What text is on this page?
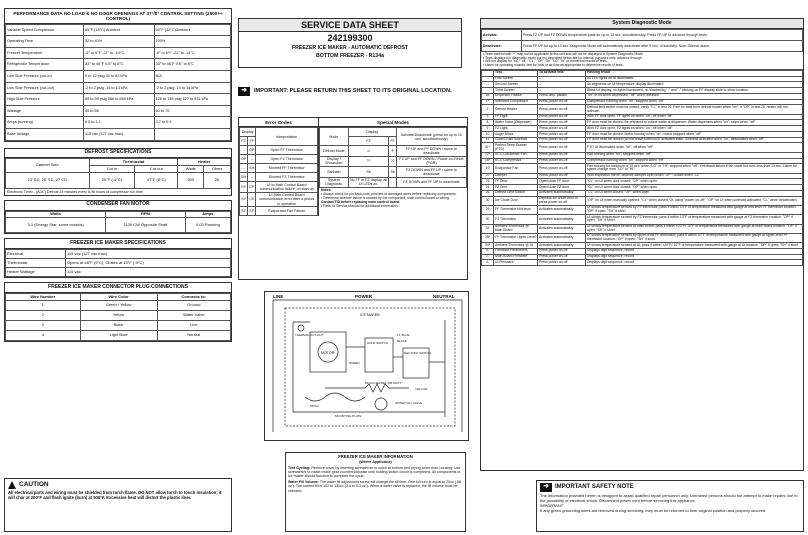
PERFORMANCE DATA NO LOAD & NO DOOR OPENINGS AT 37°/0° CONTROL SETTING (2500++ CONTROL)
Variable Speed Compressor	65°F (18°C) Ambient	90°F (32°C) Ambient
Operating Time	32 to 40%	100%
Freezer Temperature	-6° to 6°F -21° to -14°C	-6° to 6°F -21° to -14°C
Refrigerator Temperature	33° to 46°F 0.5° to 8°C	33° to 46°F 0.5° to 8°C
Low Side Pressure (cut-in)	5 to 12 psig 34 to 83 kPa	N/A
Low Side Pressure (cut-out)	-2 to 2 psig -14 to 14 kPa	-2 to 2 psig -14 to 14 kPa
High Side Pressure	85 to 95 psig 586 to 655 kPa	126 to 135 psig 827 to 931 kPa
Wattage	40 to 55	60 to 70
Amps (running)	0.5 to 1.1	0.7 to 0.9
Base Voltage	115 vac (127 vac max)	
DEFROST SPECIFICATIONS
Cabinet Size	Thermostat		Heater	
	Cut in	Cut out	Watts	Ohms
23' SD, 26' SD, 27 CD	25°F (-4°C)	47°F (8°C)	500	26
Electronic Timer - (ADC) Defrost 24 minutes every 6-96 hours of compressor run time.
CONDENSER FAN MOTOR
Watts	RPM	Amps
3.1 (Energy Star, some models)	1100 CW Opposite Shaft	0.03 Running
FREEZER ICE MAKER SPECIFICATIONS
Electrical	115 vac (127 vac max)
Thermostat	Opens at 48°F (9°C), Closes at 15°F (-9°C)
Heater Wattage	115 vac
FREEZER ICE MAKER CONNECTOR PLUG CONNECTIONS
Wire Number	Wire Color	Connects to:
1	Green / Yellow	Ground
2	Yellow	Water Valve
3	Black	Line
4	Light Blue	Neutral
CAUTION
All electrical parts and wiring must be shielded from torch flame. DO NOT allow torch to touch insulation; it will char at 200°F and flash ignite (burn) at 500°F. Excessive heat will distort the plastic liner.
SERVICE DATA SHEET
242199300
FREEZER ICE MAKER - AUTOMATIC DEFROST
BOTTOM FREEZER - R134a
➜	IMPORTANT: PLEASE RETURN THIS SHEET TO ITS ORIGINAL LOCATION.
Error Codes
Display		Interpretation
FZ	FF	
--	OP	Open FF Thermistor
OP	--	Open FZ Thermistor
--	SH	Shorted FF Thermistor
SH	--	Shorted FZ Thermistor
SY	CF	UI to Main Control Board communication failure; on start up
SY	CE	UI Main Control Board communication error after a period in operation
SY	EF	Evaporator Fan Failure
Special Modes
Mode	Display		Activate/Deactivate (press for up to 10 sec. simultaneously)
	FZ	FF	
Defrost Mode	d	F	FF UP and FF DOWN / same to deactivate
Display / Showroom	??	??	FZ UP and FF DOWN / Power-on-Reset (POR)
Sabbath	Sb	Sb	FZ DOWN and FF UP / same to deactivate
System Diagnostic	No FF or FZ display, all UI LEDs on.		FZ DOWN and FF UP to deactivate
Notes:
• Always check for pin back-outs, pinched or damaged wires before replacing components.
• Determine whether failure is caused by the component, main control board or wiring.
Contact TID before replacing main control board.
• Refer to Service Manual for additional information.
LINE	POWER	NEUTRAL
ICE MAKER
MOTOR
THERMAL CUT-OUT
HOLD SWITCH
SHUTOFF SWITCH
MOLD HEATER 165 WATT
WATER FILL VALVE
MOLD
MOUNTING PLATE
LT. BLUE
GREEN
BLACK
YELLOW
FREEZER ICE MAKER INFORMATION
(Where Applicable)
Test Cycling: Remove cover by inserting screwdriver in notch at bottom and prying cover from housing. Use screwdriver to rotate motor gear counterclockwise until holding switch circuit is completed. All components of ice maker should function to complete the cycle.
Water Fill Volume: The water fill adjustment screw will change the fill time. One full turn is equal to 20cc (.68 oz.). The correct fill is 102 to 130cc (3.4 to 4.3 oz.). When a water valve is replaced, the fill volume must be checked.
System Diagnostic Mode
Activate:	Press FZ UP and FZ DOWN temperature pads for up to 10 sec. simultaneously. Press FF UP to advance through tests.
Deactivate:	Press FF UP for up to 10 sec. Diagnostic Mode will automatically deactivate after 5 min. of inactivity. Note: Silence alarm.
• Tests marked with "*" may not be applicable to this unit and will not be displayed in System Diagnostic Mode.
• Tests displayed in diagnostic mode but not described below are for internal purposes only; advance through.
• Will not display for "no," "off," "CL," "OP," "0n" "LO" "HI" or numerical results of tests.
• Listen for operating sounds, feel for heat or air flow as appropriate to determine results of tests.
	Test	To activate test:	Passing result
--	First Screen	--	All LED lights on UI illuminated
--	Second Screen	--	All segments on UI temperature display illuminated
--	Third Screen	--	Blank UI display, no lights illuminated, no shadowing "-" and "-" blinking on FF display slide to show location.
28	Dispenser Paddle	Press disp. paddle	"on" or on when depressed; "off" when released
1*	Standard Compressor	Press power on-off	Compressor running when "on"; stopped when "off"
2	Defrost Heater	Press power on-off	Defrost limit switch must be closed; verify "CL" in test 26. Feel for heat from defrost heater when "on". If "OP" in test 26, heater will not activate.
3	FF Light	Press power on-off	With FF door open, FF lights on when "on"; off when "off"
4	Water Valve (Dispenser)	Press power on-off	FF door must be closed. Be prepared to collect water at dispenser. Water dispenses when "on"; stops when "off"
9	FZ Light	Press power on-off	With FZ door open, FZ lights on when "on"; off when "off"
10	Auger Motor	Press power on-off	FF door must be closed. Motor running when "on"; motor stopped when "off"
11	Cube/Crush Solenoid	Press power on-off	FF door must be closed (do not leave solenoid in activated state. Solenoid activated when "on"; deactivated when "off"
41*	Perfect Temp Drawer (PTD)	Press power on-off	PTD UI illuminated when "on"; off when "off"
12*	VCC Condenser Fan	Press power on-off	Fan running when "on"; stopped when "off"
16*	VCC Compressor	Press power on-off	Compressor running when "on"; stopped when "off"
19	Evaporator Fan	Press power on-off	Fan running for minimum of 10 sec. when "LO" or "HI"; stopped when "off". Feedback failure if fan starts but runs less than 10 sec. Listen for speed change from "LO" to "HI".
22	Damper	Press power on-off	With inspection mirror, observe damper open when "OP"; closed when "CL"
23	FF Door	Open/close FF door	"CL" on UI when door closed; "OP" when open
24	FZ Door	Open/close FZ door	"CL" on UI when door closed; "OP" when open
26	Defrost Limit Switch	Activates automatically	"CL" on UI when closed; "OP" when open
30	Ice Chute Door	Depress ice chute door or press power on-off	"OP" on UI when manually opened; "CL" when closed. Or, using "power on-off", "OP" on UI when solenoid activated; "CL" when deactivated
29	FF Thermistor Mid-level	Activates automatically	UI shows temperature sensed by FF thermistor; pass if within 10°F of temperature measured with gauge at mid-level FF thermistor location. "OP" if open; "SH" if short
30	FZ Thermistor	Activates automatically	UI shows temperature sensed by FZ thermistor; pass if within 10°F of temperature measured with gauge at FZ thermistor location. "OP" if open; "SH" if short
33	Ambient Thermistor @ Main Board	Activates automatically	UI shows temperature sensed at main board; pass if within ±20°F/-10°F of temperature measured with gauge at main board location. "OP" if open; "SH" if short
35*	FF Thermistor Upper-Level	Activates automatically	UI shows temperature sensed by upper-level FF thermistor; pass if within 10°F of temperature measured with gauge at upper-level FF thermistor location. "OP" if open; "SH" if short
34*	Ambient Thermistor @ UI	Activates automatically	UI shows temperature sensed at UI; pass if within ±20°F/-10°F of temperature measured with gauge at UI location. "OP" if open; "SH" if short
0-	Firmware Parameters	Press power on-off	Displays digit sequence; record
2-	Main Board Firmware	Press power on-off	Displays digit sequence; record
4-	UI Firmware	Press power on-off	Displays digit sequence; record
➜	IMPORTANT SAFETY NOTE
The information provided herein is designed to assist qualified repair personnel only. Untrained persons should not attempt to make repairs due to the possibility of electrical shock. Disconnect power cord before servicing this appliance.
IMPORTANT
If any green grounding wires are removed during servicing, they must be returned to their original position and properly secured.
